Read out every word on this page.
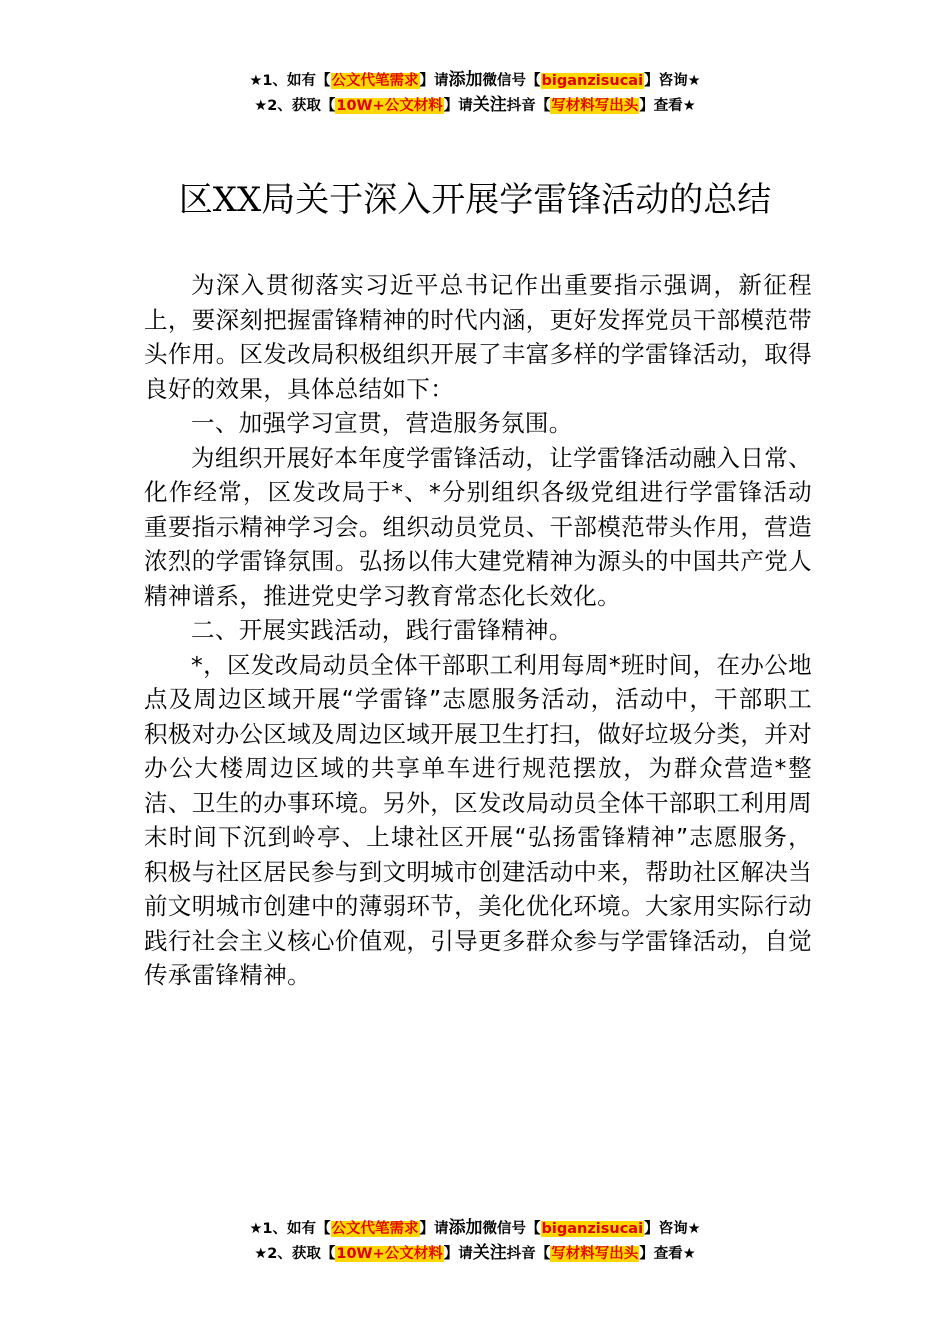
★1、如有【公文代笔需求】请添加微信号【biganzisucai】咨询★
★2、获取【10W+公文材料】请关注抖音【写材料写出头】查看★
区XX局关于深入开展学雷锋活动的总结

为深入贯彻落实习近平总书记作出重要指示强调，新征程上，要深刻把握雷锋精神的时代内涵，更好发挥党员干部模范带头作用。区发改局积极组织开展了丰富多样的学雷锋活动，取得良好的效果，具体总结如下：

一、加强学习宣贯，营造服务氛围。

为组织开展好本年度学雷锋活动，让学雷锋活动融入日常、化作经常，区发改局于*、*分别组织各级党组进行学雷锋活动重要指示精神学习会。组织动员党员、干部模范带头作用，营造浓烈的学雷锋氛围。弘扬以伟大建党精神为源头的中国共产党人精神谱系，推进党史学习教育常态化长效化。

二、开展实践活动，践行雷锋精神。

*，区发改局动员全体干部职工利用每周*班时间，在办公地点及周边区域开展“学雷锋”志愿服务活动，活动中，干部职工积极对办公区域及周边区域开展卫生打扫，做好垃圾分类，并对办公大楼周边区域的共享单车进行规范摆放，为群众营造*整洁、卫生的办事环境。另外，区发改局动员全体干部职工利用周末时间下沉到岭亭、上埭社区开展“弘扬雷锋精神”志愿服务，积极与社区居民参与到文明城市创建活动中来，帮助社区解决当前文明城市创建中的薄弱环节，美化优化环境。大家用实际行动践行社会主义核心价值观，引导更多群众参与学雷锋活动，自觉传承雷锋精神。

★1、如有【公文代笔需求】请添加微信号【biganzisucai】咨询★
★2、获取【10W+公文材料】请关注抖音【写材料写出头】查看★
